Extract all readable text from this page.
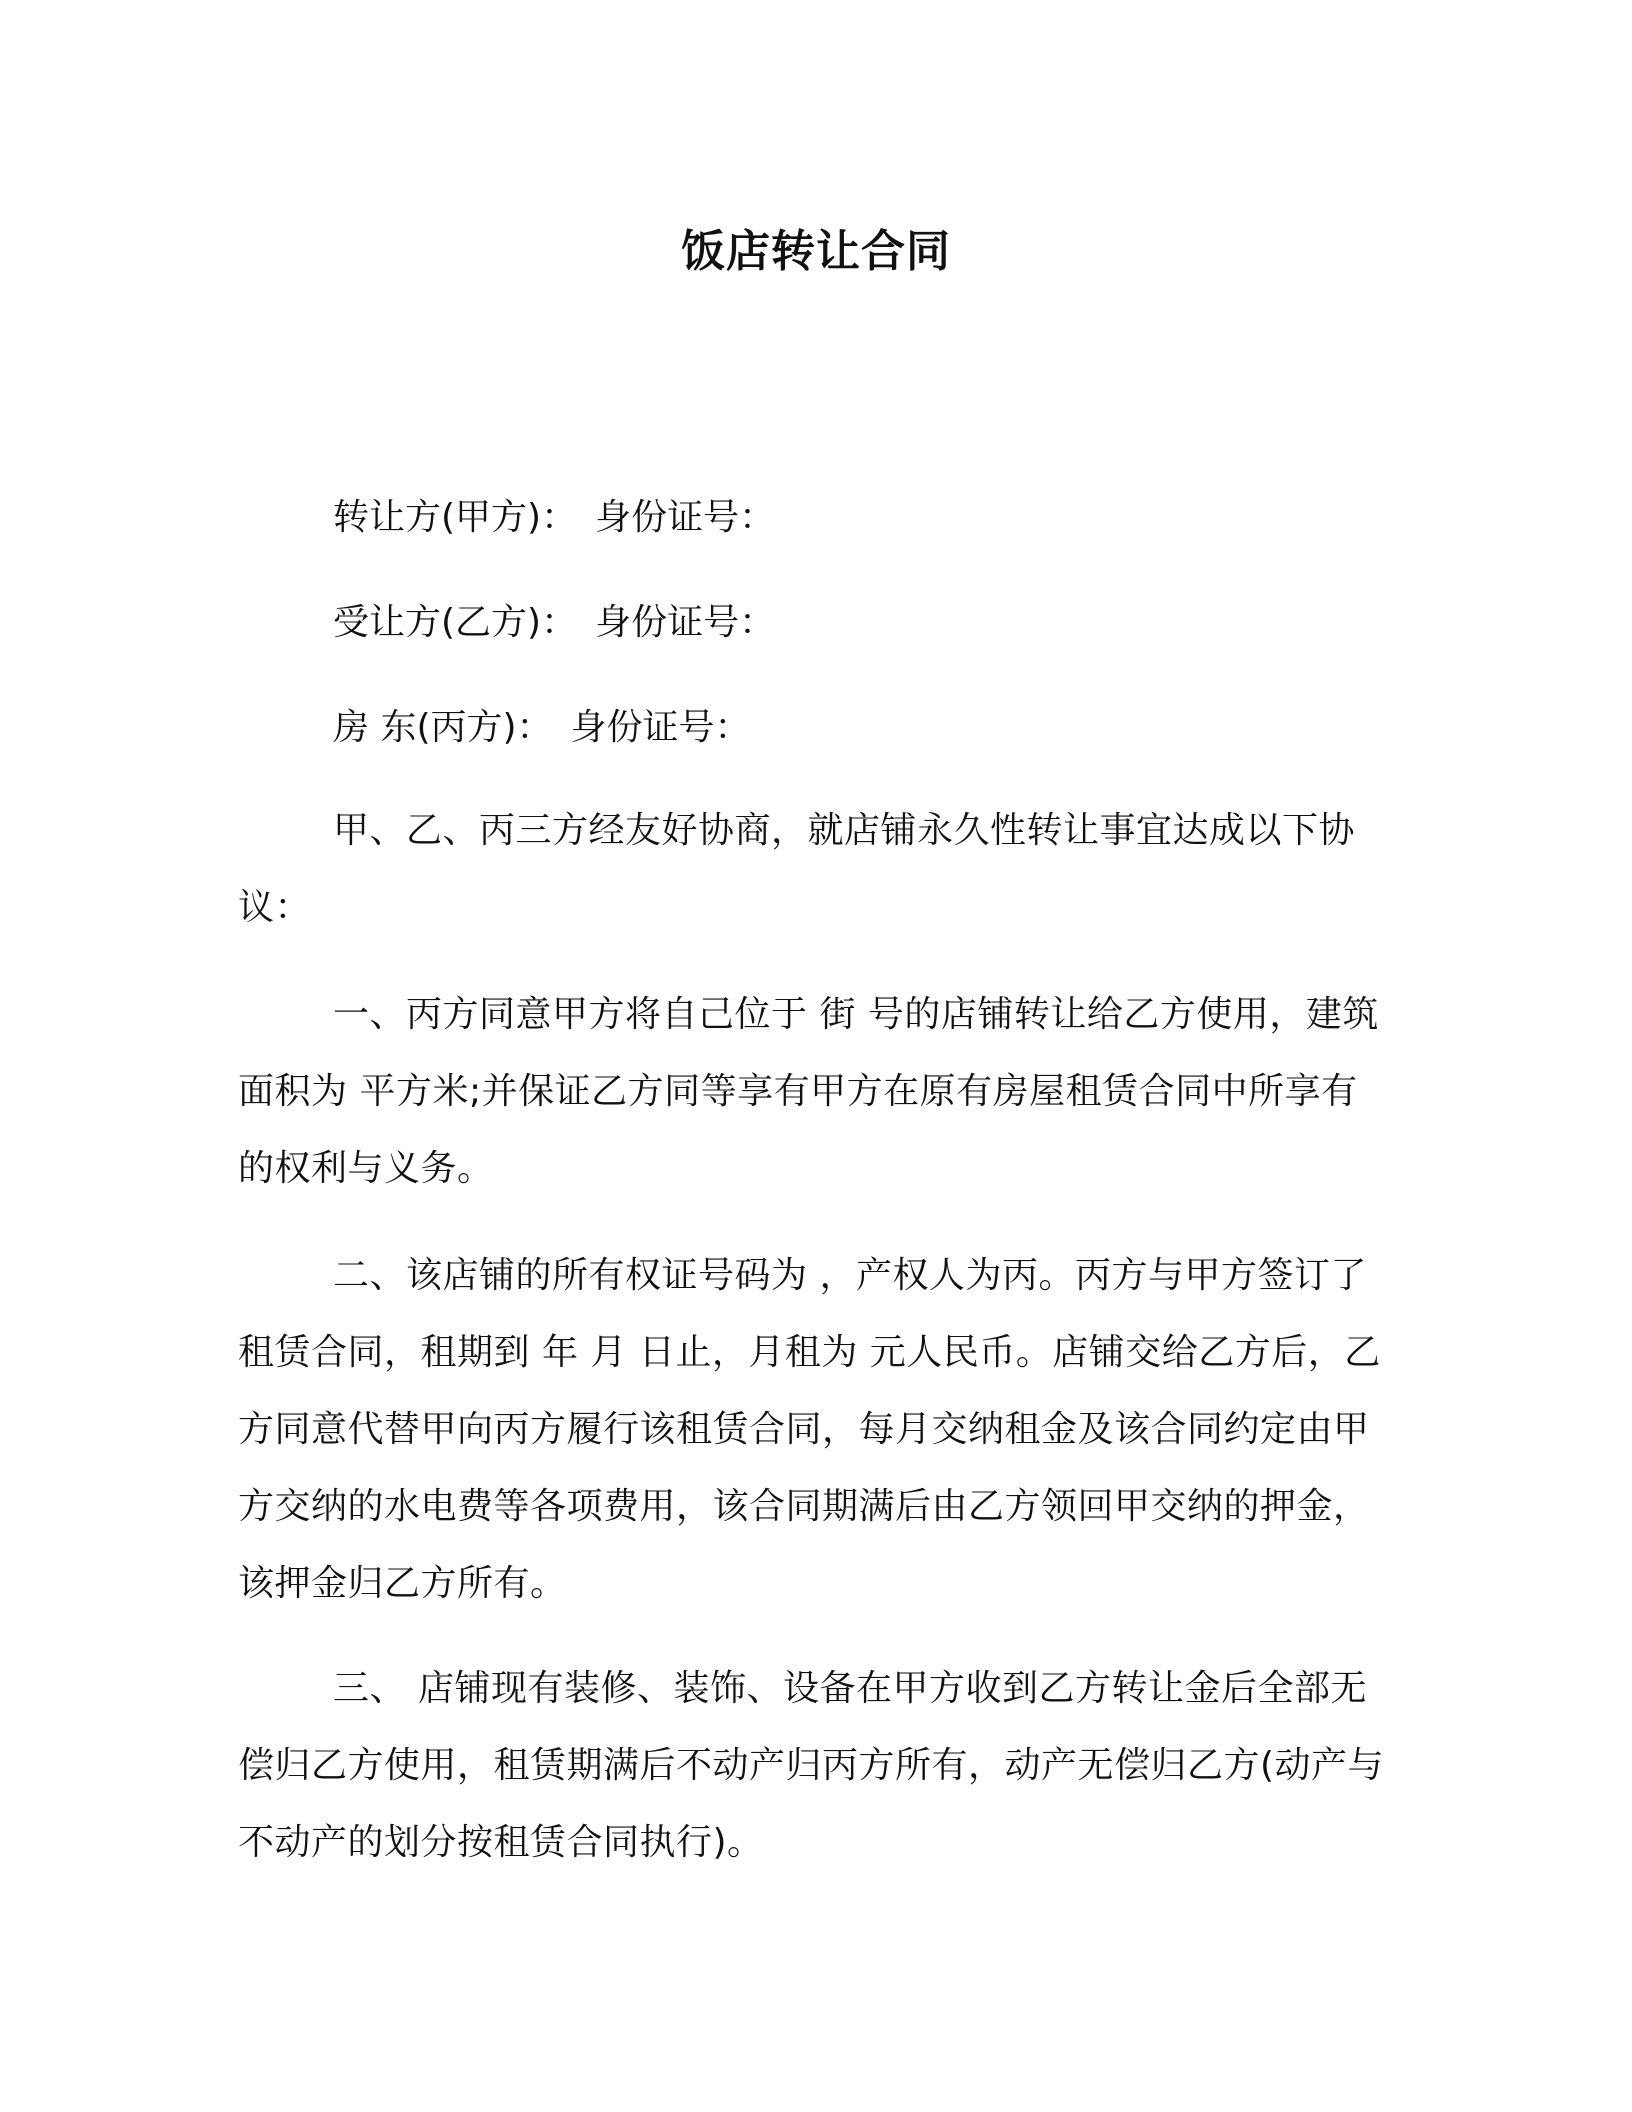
饭店转让合同
转让方(甲方)： 身份证号：
受让方(乙方)： 身份证号：
房 东(丙方)： 身份证号：

甲、乙、丙三方经友好协商，就店铺永久性转让事宜达成以下协议：

一、丙方同意甲方将自己位于 街 号的店铺转让给乙方使用，建筑面积为 平方米;并保证乙方同等享有甲方在原有房屋租赁合同中所享有的权利与义务。

二、该店铺的所有权证号码为 ，产权人为丙。丙方与甲方签订了租赁合同，租期到 年 月 日止，月租为 元人民币。店铺交给乙方后，乙方同意代替甲向丙方履行该租赁合同，每月交纳租金及该合同约定由甲方交纳的水电费等各项费用，该合同期满后由乙方领回甲交纳的押金，该押金归乙方所有。

三、 店铺现有装修、装饰、设备在甲方收到乙方转让金后全部无偿归乙方使用，租赁期满后不动产归丙方所有，动产无偿归乙方(动产与不动产的划分按租赁合同执行)。
